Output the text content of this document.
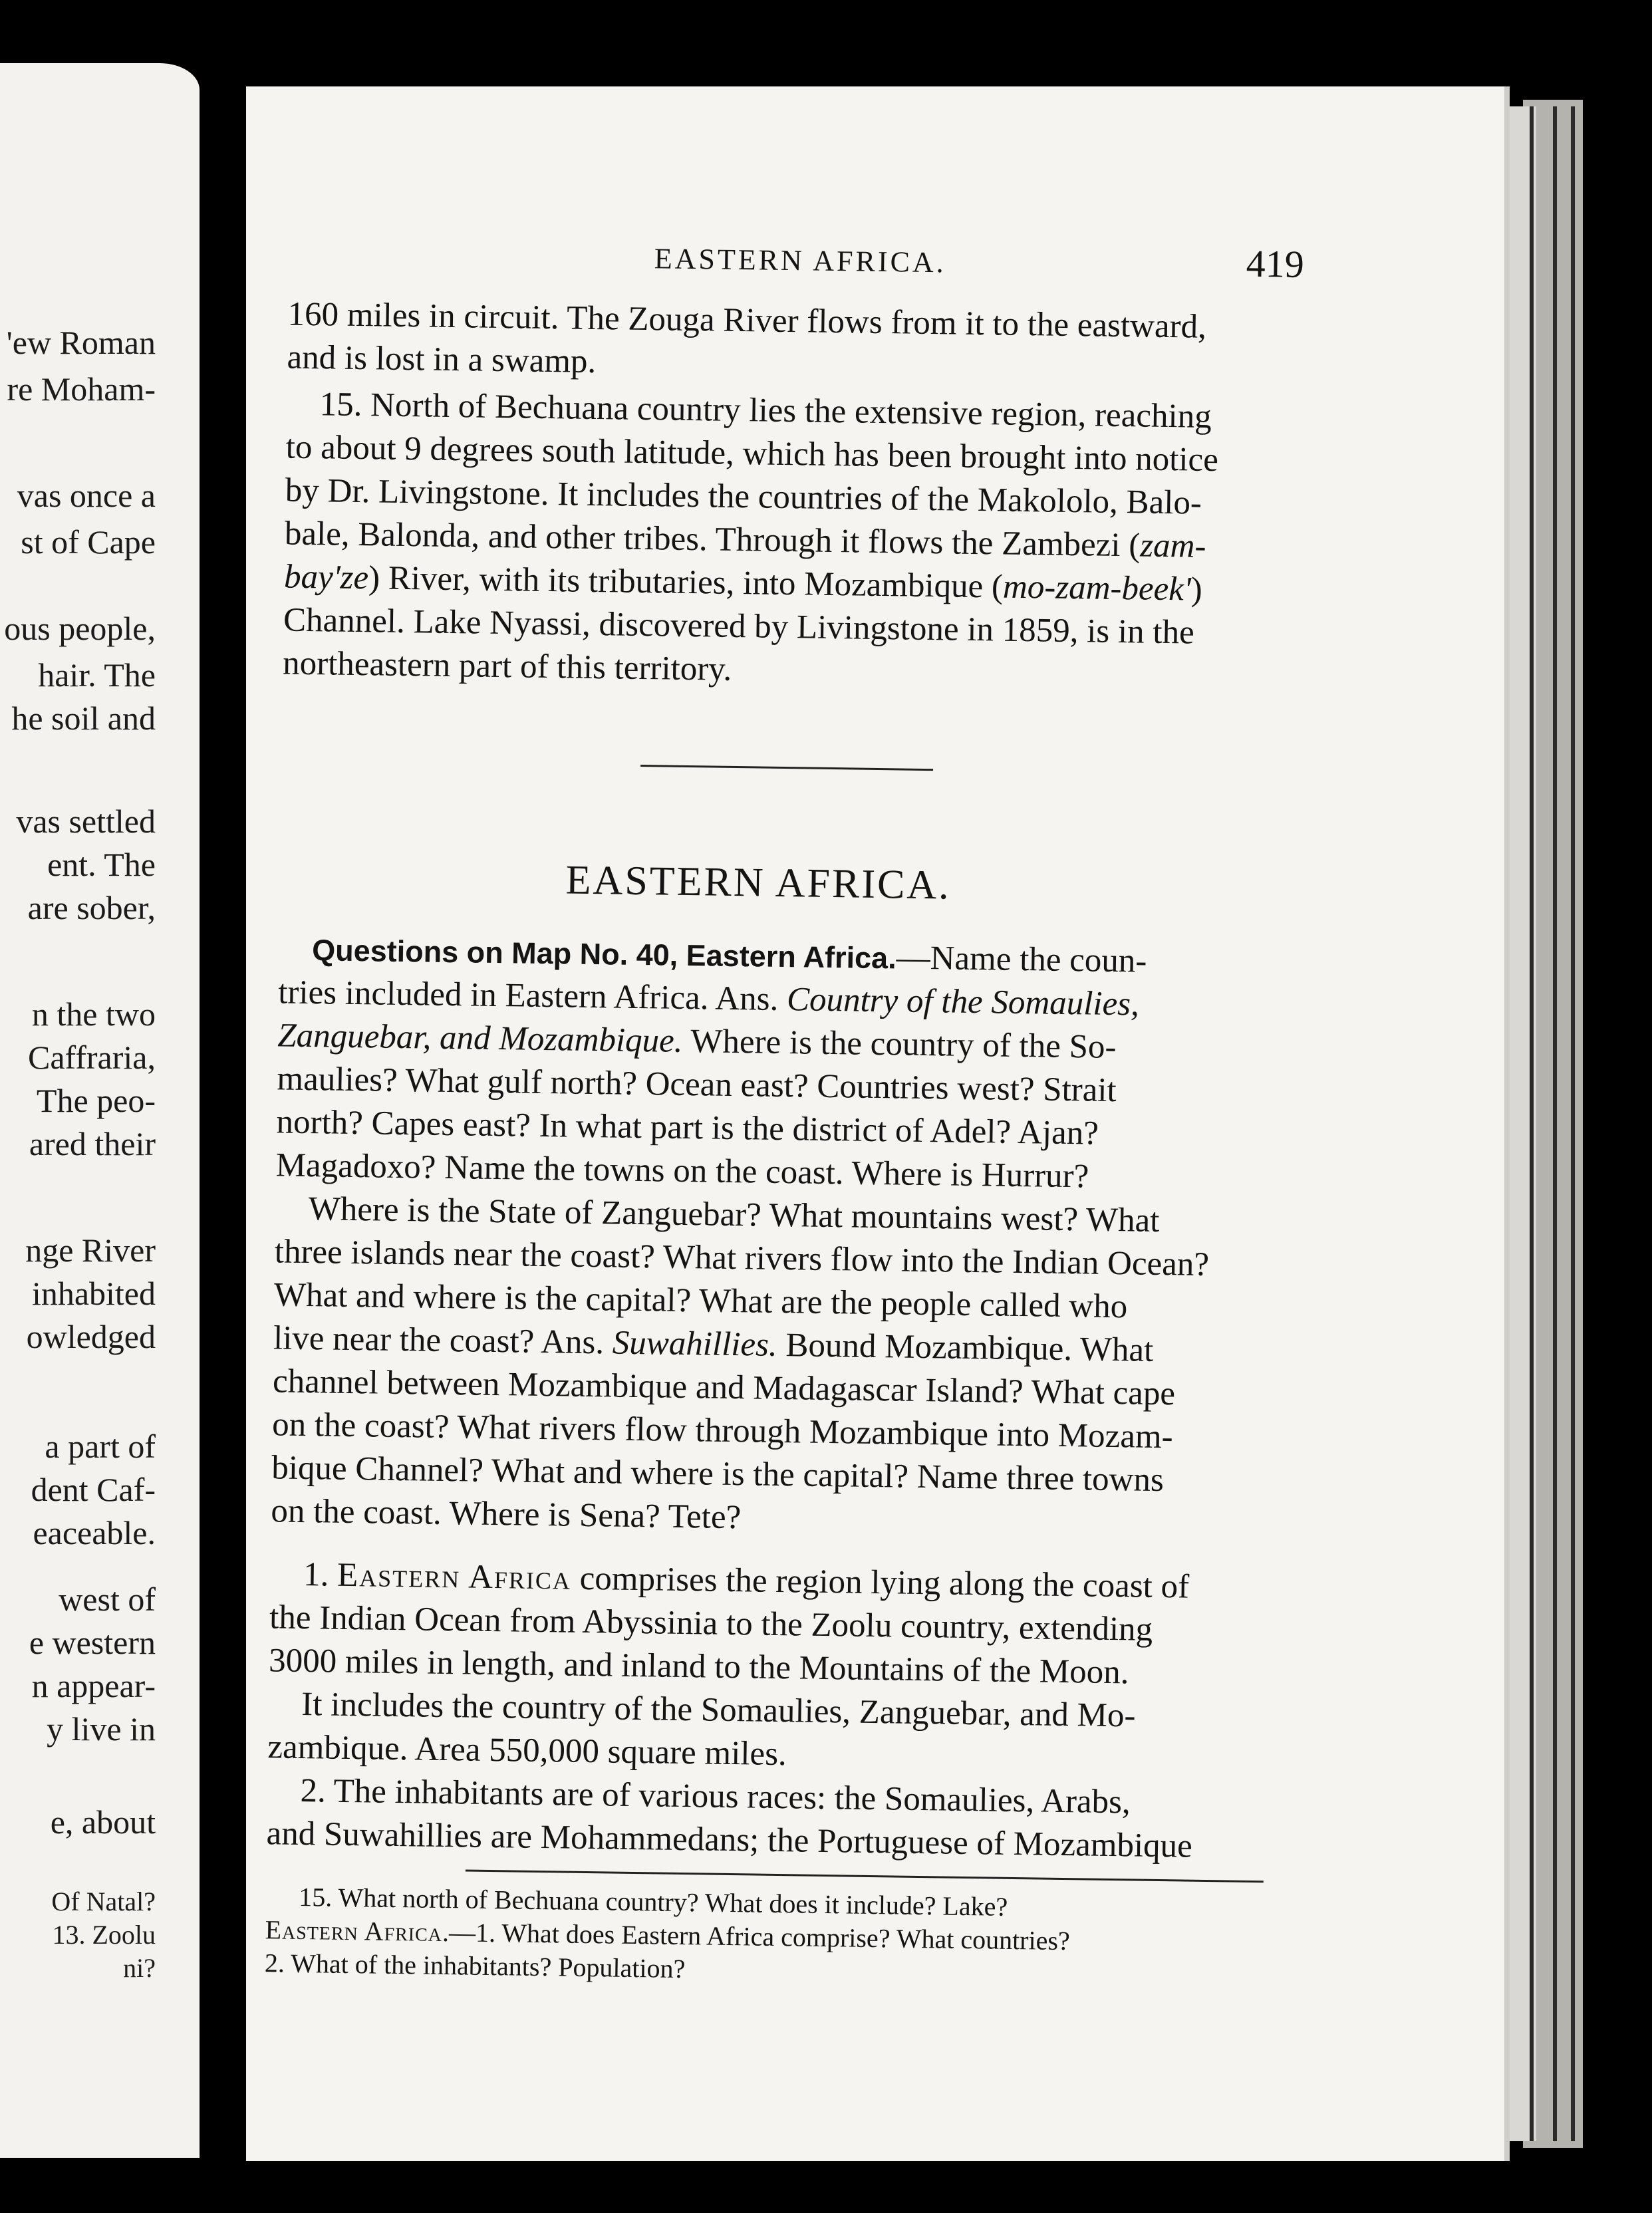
'ew Roman
re Moham-
vas once a
st of Cape
ous people,
hair. The
he soil and
vas settled
ent. The
are sober,
n the two
Caffraria,
The peo-
ared their
nge River
inhabited
owledged
a part of
dent Caf-
eaceable.
west of
e western
n appear-
y live in
e, about
Of Natal?
13. Zoolu
ni?
EASTERN AFRICA.	419
160 miles in circuit. The Zouga River flows from it to the eastward,
and is lost in a swamp.
15. North of Bechuana country lies the extensive region, reaching
to about 9 degrees south latitude, which has been brought into notice
by Dr. Livingstone. It includes the countries of the Makololo, Balo-
bale, Balonda, and other tribes. Through it flows the Zambezi (zam-
bay'ze) River, with its tributaries, into Mozambique (mo-zam-beek')
Channel. Lake Nyassi, discovered by Livingstone in 1859, is in the
northeastern part of this territory.
EASTERN AFRICA.
Questions on Map No. 40, Eastern Africa.—Name the coun-
tries included in Eastern Africa. Ans. Country of the Somaulies,
Zanguebar, and Mozambique. Where is the country of the So-
maulies? What gulf north? Ocean east? Countries west? Strait
north? Capes east? In what part is the district of Adel? Ajan?
Magadoxo? Name the towns on the coast. Where is Hurrur?
Where is the State of Zanguebar? What mountains west? What
three islands near the coast? What rivers flow into the Indian Ocean?
What and where is the capital? What are the people called who
live near the coast? Ans. Suwahillies. Bound Mozambique. What
channel between Mozambique and Madagascar Island? What cape
on the coast? What rivers flow through Mozambique into Mozam-
bique Channel? What and where is the capital? Name three towns
on the coast. Where is Sena? Tete?
1. Eastern Africa comprises the region lying along the coast of
the Indian Ocean from Abyssinia to the Zoolu country, extending
3000 miles in length, and inland to the Mountains of the Moon.
It includes the country of the Somaulies, Zanguebar, and Mo-
zambique. Area 550,000 square miles.
2. The inhabitants are of various races: the Somaulies, Arabs,
and Suwahillies are Mohammedans; the Portuguese of Mozambique
15. What north of Bechuana country? What does it include? Lake?
Eastern Africa.—1. What does Eastern Africa comprise? What countries?
2. What of the inhabitants? Population?
